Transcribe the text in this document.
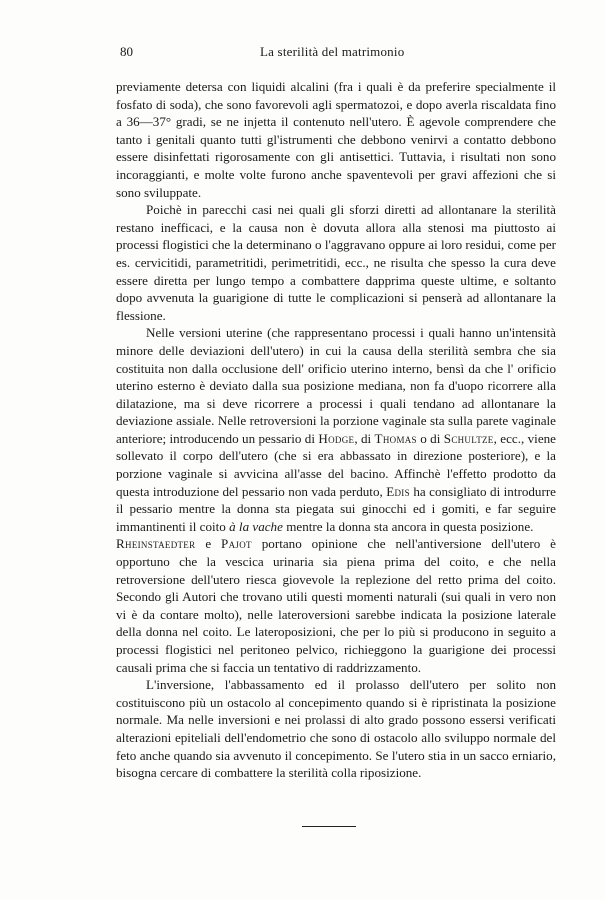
80	La sterilità del matrimonio

previamente detersa con liquidi alcalini (fra i quali è da preferire specialmente il fosfato di soda), che sono favorevoli agli spermatozoi, e dopo averla riscaldata fino a 36—37° gradi, se ne injetta il contenuto nell'utero. È agevole comprendere che tanto i genitali quanto tutti gl'istrumenti che debbono venirvi a contatto debbono essere disinfettati rigorosamente con gli antisettici. Tuttavia, i risultati non sono incoraggianti, e molte volte furono anche spaventevoli per gravi affezioni che si sono sviluppate.

Poichè in parecchi casi nei quali gli sforzi diretti ad allontanare la sterilità restano inefficaci, e la causa non è dovuta allora alla stenosi ma piuttosto ai processi flogistici che la determinano o l'aggravano oppure ai loro residui, come per es. cervicitidi, parametritidi, perimetritidi, ecc., ne risulta che spesso la cura deve essere diretta per lungo tempo a combattere dapprima queste ultime, e soltanto dopo avvenuta la guarigione di tutte le complicazioni si penserà ad allontanare la flessione.

Nelle versioni uterine (che rappresentano processi i quali hanno un'intensità minore delle deviazioni dell'utero) in cui la causa della sterilità sembra che sia costituita non dalla occlusione dell' orificio uterino interno, bensì da che l' orificio uterino esterno è deviato dalla sua posizione mediana, non fa d'uopo ricorrere alla dilatazione, ma si deve ricorrere a processi i quali tendano ad allontanare la deviazione assiale. Nelle retroversioni la porzione vaginale sta sulla parete vaginale anteriore; introducendo un pessario di Hodge, di Thomas o di Schultze, ecc., viene sollevato il corpo dell'utero (che si era abbassato in direzione posteriore), e la porzione vaginale si avvicina all'asse del bacino. Affinchè l'effetto prodotto da questa introduzione del pessario non vada perduto, Edis ha consigliato di introdurre il pessario mentre la donna sta piegata sui ginocchi ed i gomiti, e far seguire immantinenti il coito à la vache mentre la donna sta ancora in questa posizione.

Rheinstaedter e Pajot portano opinione che nell'antiversione dell'utero è opportuno che la vescica urinaria sia piena prima del coito, e che nella retroversione dell'utero riesca giovevole la replezione del retto prima del coito. Secondo gli Autori che trovano utili questi momenti naturali (sui quali in vero non vi è da contare molto), nelle lateroversioni sarebbe indicata la posizione laterale della donna nel coito. Le lateroposizioni, che per lo più si producono in seguito a processi flogistici nel peritoneo pelvico, richieggono la guarigione dei processi causali prima che si faccia un tentativo di raddrizzamento.

L'inversione, l'abbassamento ed il prolasso dell'utero per solito non costituiscono più un ostacolo al concepimento quando si è ripristinata la posizione normale. Ma nelle inversioni e nei prolassi di alto grado possono essersi verificati alterazioni epiteliali dell'endometrio che sono di ostacolo allo sviluppo normale del feto anche quando sia avvenuto il concepimento. Se l'utero stia in un sacco erniario, bisogna cercare di combattere la sterilità colla riposizione.
